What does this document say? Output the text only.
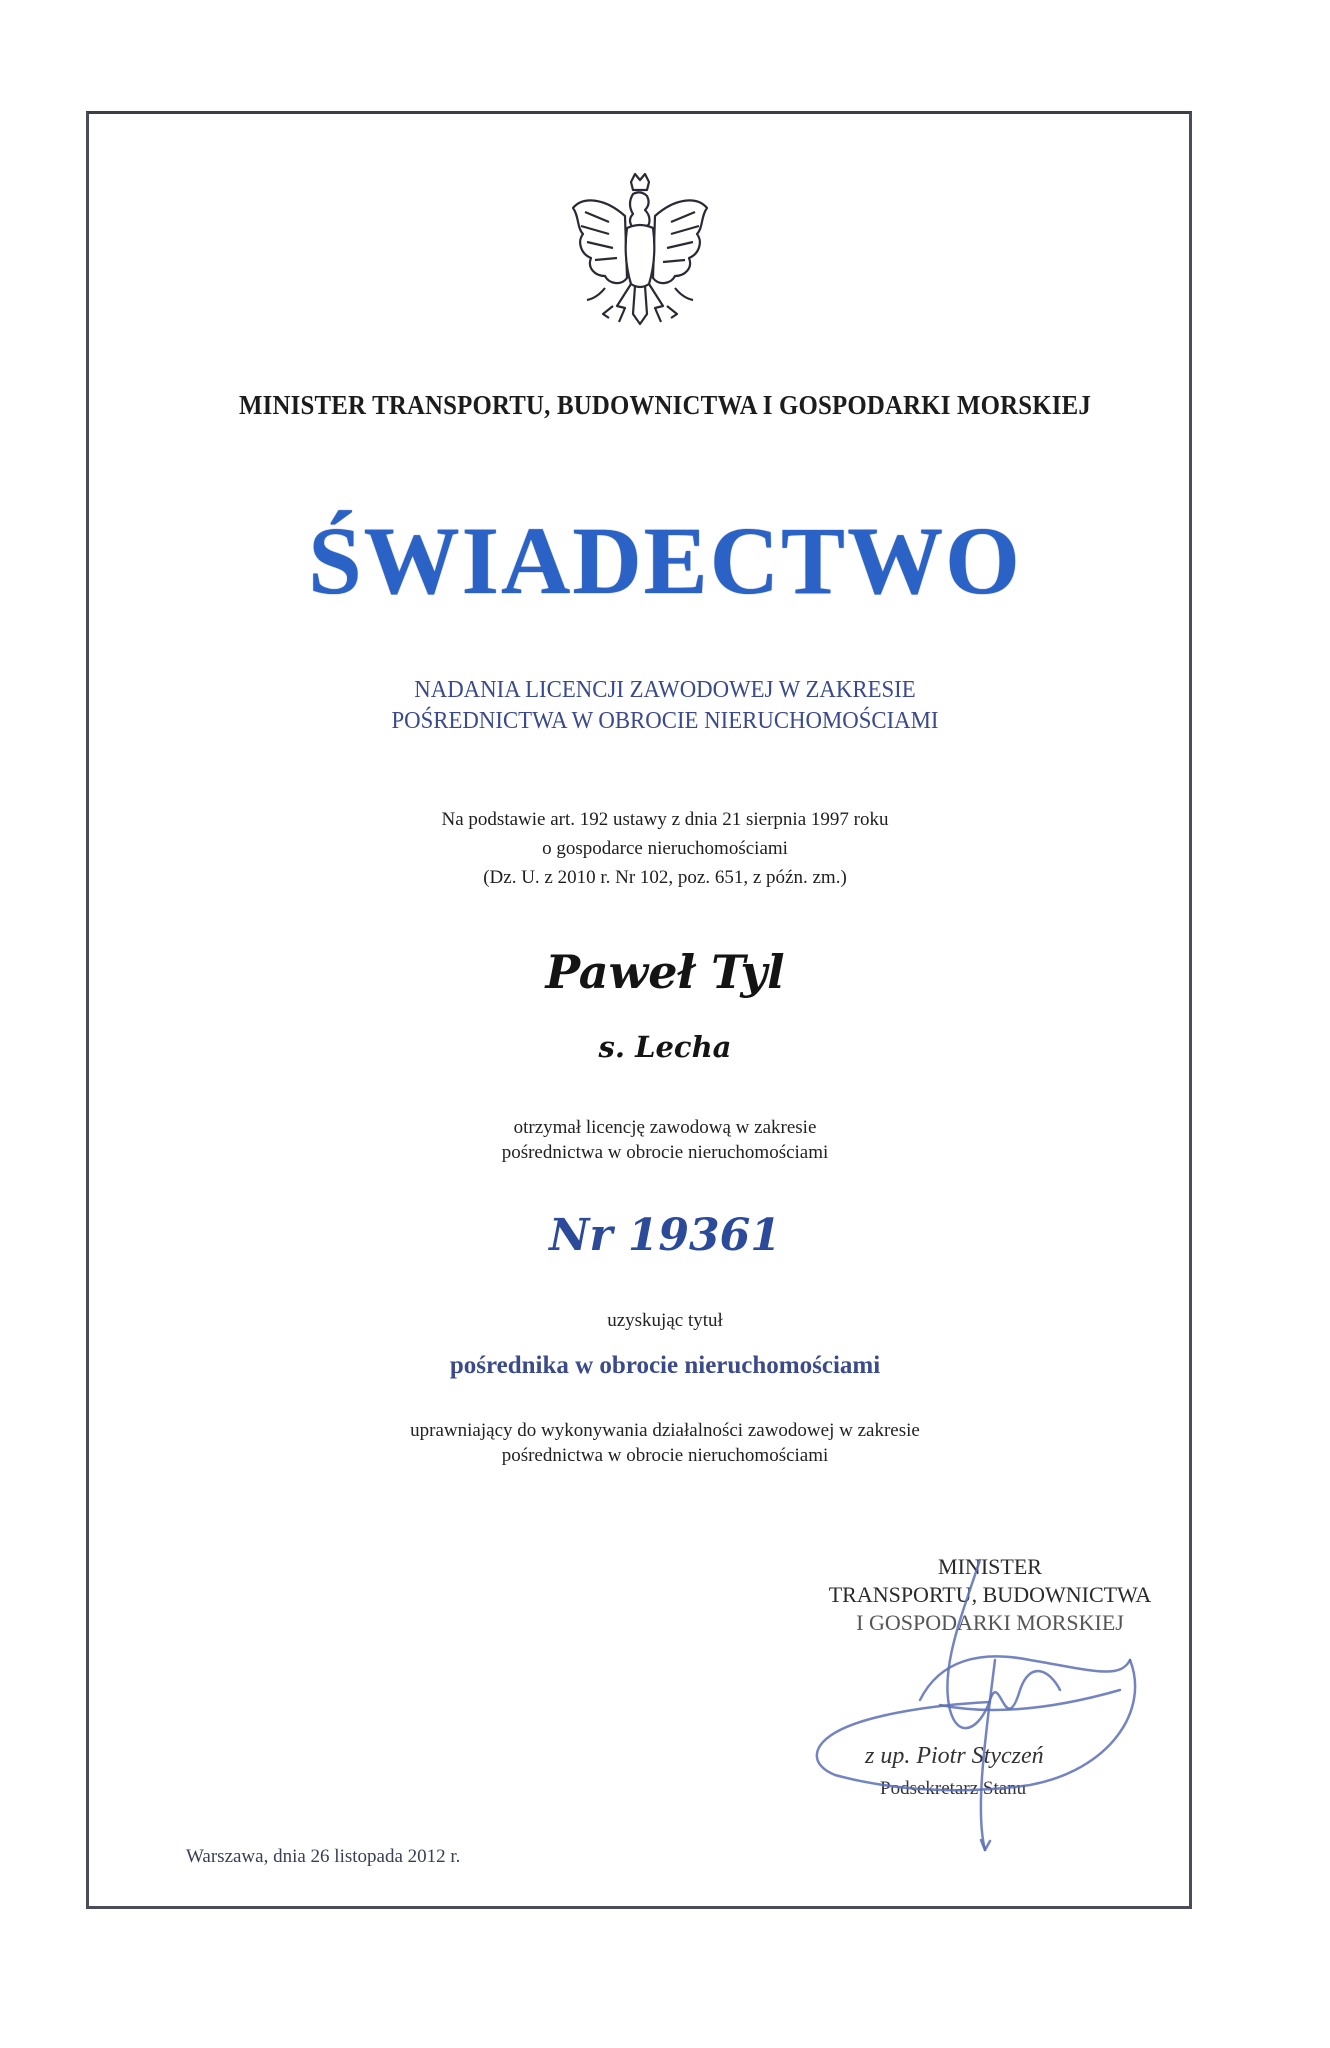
MINISTER TRANSPORTU, BUDOWNICTWA I GOSPODARKI MORSKIEJ
ŚWIADECTWO
NADANIA LICENCJI ZAWODOWEJ W ZAKRESIE
POŚREDNICTWA W OBROCIE NIERUCHOMOŚCIAMI
Na podstawie art. 192 ustawy z dnia 21 sierpnia 1997 roku
o gospodarce nieruchomościami
(Dz. U. z 2010 r. Nr 102, poz. 651, z późn. zm.)
Paweł Tyl
s. Lecha
otrzymał licencję zawodową w zakresie
pośrednictwa w obrocie nieruchomościami
Nr 19361
uzyskując tytuł
pośrednika w obrocie nieruchomościami
uprawniający do wykonywania działalności zawodowej w zakresie
pośrednictwa w obrocie nieruchomościami
MINISTER
TRANSPORTU, BUDOWNICTWA
I GOSPODARKI MORSKIEJ
z up. Piotr Styczeń
Podsekretarz Stanu
Warszawa, dnia 26 listopada 2012 r.
